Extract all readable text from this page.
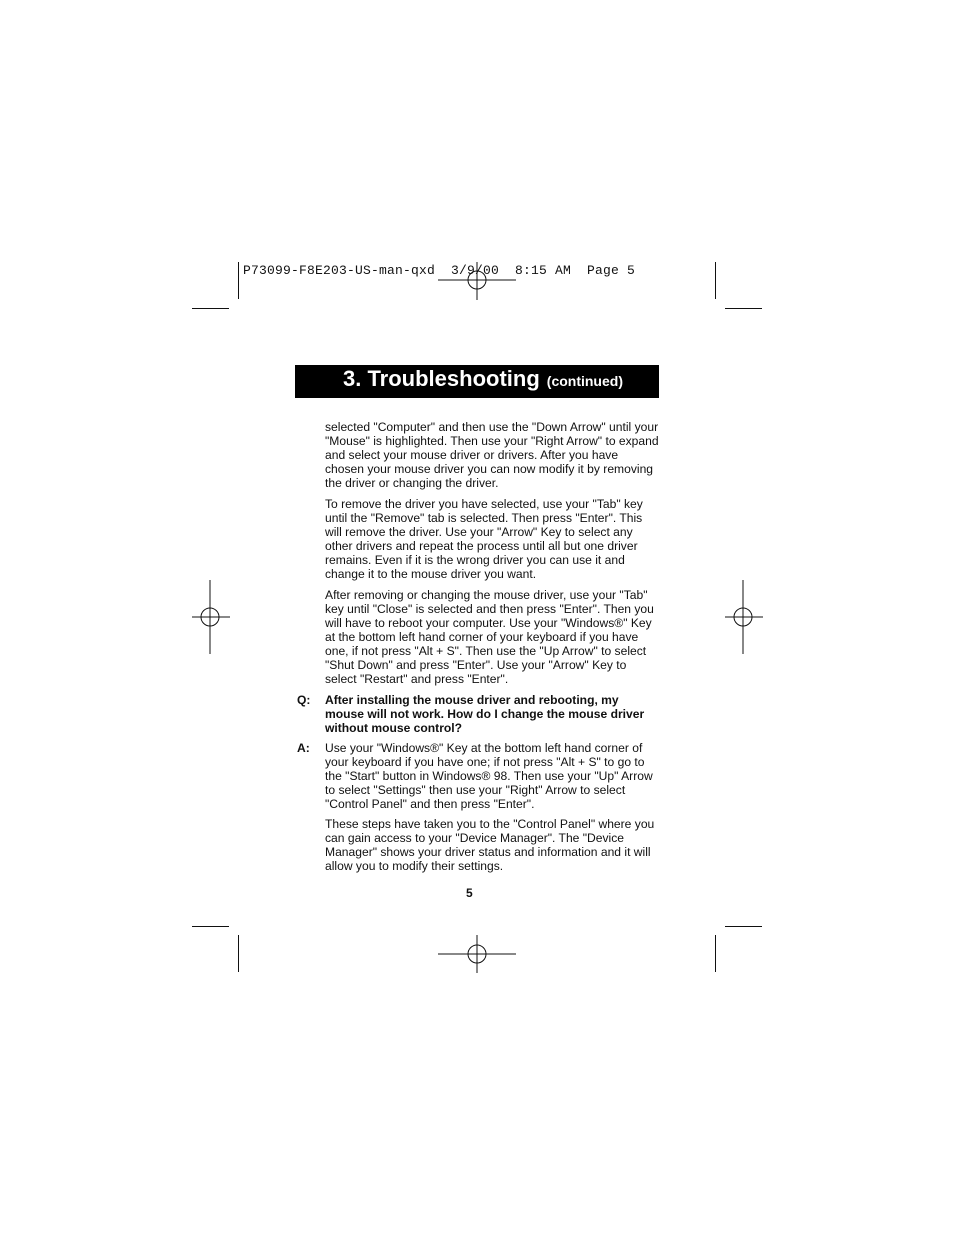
P73099-F8E203-US-man-qxd  3/9/00  8:15 AM  Page 5
3. Troubleshooting (continued)

selected "Computer" and then use the "Down Arrow" until your "Mouse" is highlighted. Then use your "Right Arrow" to expand and select your mouse driver or drivers. After you have chosen your mouse driver you can now modify it by removing the driver or changing the driver.

To remove the driver you have selected, use your "Tab" key until the "Remove" tab is selected. Then press "Enter". This will remove the driver. Use your "Arrow" Key to select any other drivers and repeat the process until all but one driver remains. Even if it is the wrong driver you can use it and change it to the mouse driver you want.

After removing or changing the mouse driver, use your "Tab" key until "Close" is selected and then press "Enter". Then you will have to reboot your computer. Use your "Windows®" Key at the bottom left hand corner of your keyboard if you have one, if not press "Alt + S". Then use the "Up Arrow" to select "Shut Down" and press "Enter". Use your "Arrow" Key to select "Restart" and press "Enter".

Q:	After installing the mouse driver and rebooting, my mouse will not work. How do I change the mouse driver without mouse control?
A:	Use your "Windows®" Key at the bottom left hand corner of your keyboard if you have one; if not press "Alt + S" to go to the "Start" button in Windows® 98. Then use your "Up" Arrow to select "Settings" then use your "Right" Arrow to select "Control Panel" and then press "Enter".

These steps have taken you to the "Control Panel" where you can gain access to your "Device Manager". The "Device Manager" shows your driver status and information and it will allow you to modify their settings.

5
